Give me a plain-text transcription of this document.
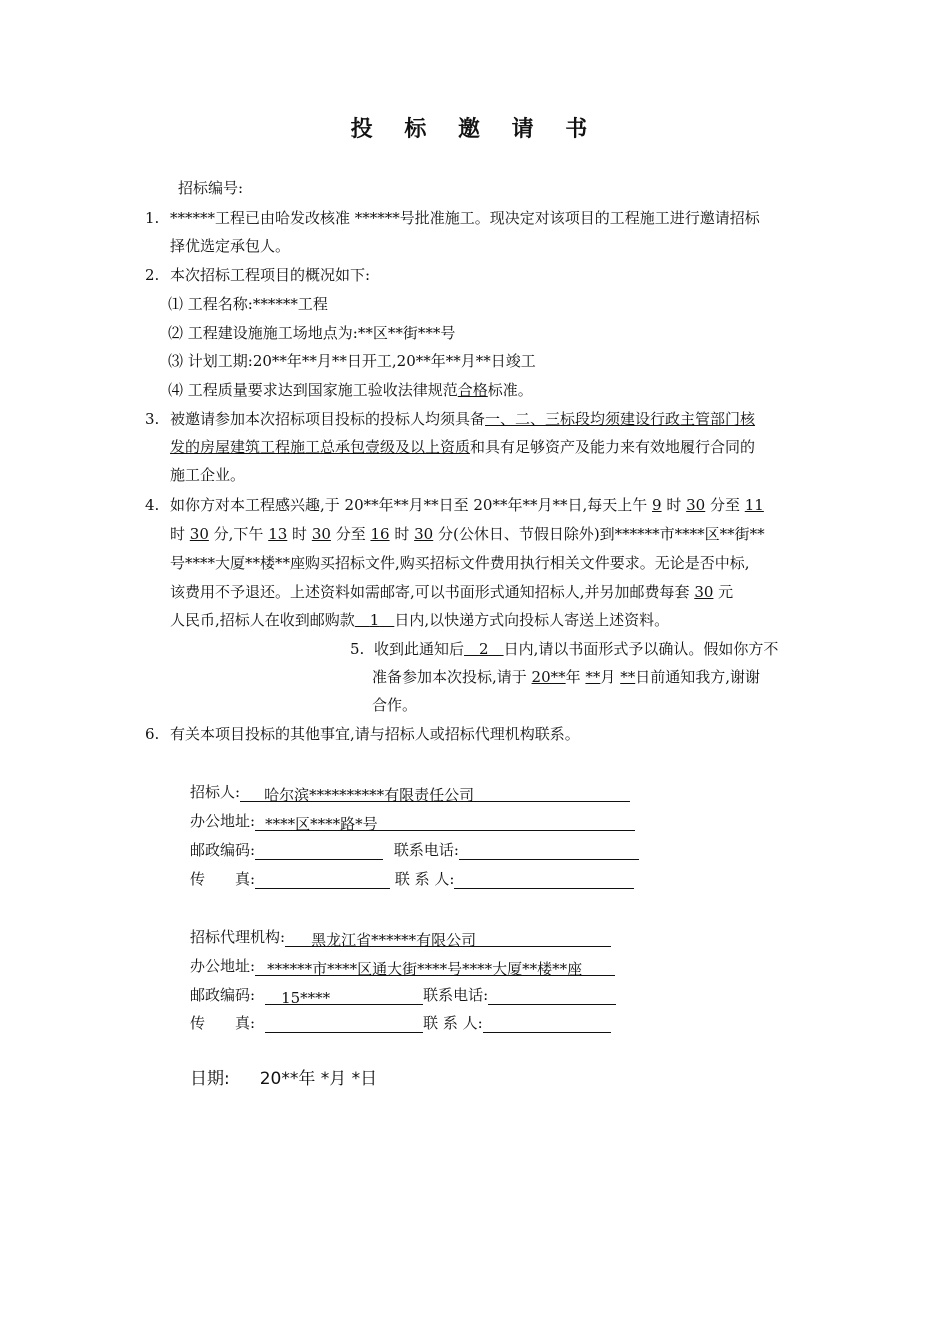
投 标 邀 请 书
招标编号:
1. ******工程已由哈发改核准 ******号批准施工。现决定对该项目的工程施工进行邀请招标
择优选定承包人。
2. 本次招标工程项目的概况如下:
⑴ 工程名称:******工程
⑵ 工程建设施施工场地点为:**区**街***号
⑶ 计划工期:20**年**月**日开工,20**年**月**日竣工
⑷ 工程质量要求达到国家施工验收法律规范合格标准。
3. 被邀请参加本次招标项目投标的投标人均须具备一、二、三标段均须建设行政主管部门核
发的房屋建筑工程施工总承包壹级及以上资质和具有足够资产及能力来有效地履行合同的
施工企业。
4. 如你方对本工程感兴趣,于 20**年**月**日至 20**年**月**日,每天上午 9 时 30 分至 11
时 30 分,下午 13 时 30 分至 16 时 30 分(公休日、节假日除外)到******市****区**街**
号****大厦**楼**座购买招标文件,购买招标文件费用执行相关文件要求。无论是否中标,
该费用不予退还。上述资料如需邮寄,可以书面形式通知招标人,并另加邮费每套 30 元
人民币,招标人在收到邮购款   1   日内,以快递方式向投标人寄送上述资料。
5. 收到此通知后   2   日内,请以书面形式予以确认。假如你方不
准备参加本次投标,请于 20**年 **月 **日前通知我方,谢谢
合作。
6. 有关本项目投标的其他事宜,请与招标人或招标代理机构联系。
招标人: 哈尔滨**********有限责任公司
办公地址: ****区****路*号
邮政编码:	联系电话:
传　　真:	联 系 人:
招标代理机构: 黑龙江省******有限公司
办公地址: ******市****区通大街****号****大厦**楼**座
邮政编码: 15****	联系电话:
传　　真:	联 系 人:
日期: 20**年 *月 *日
